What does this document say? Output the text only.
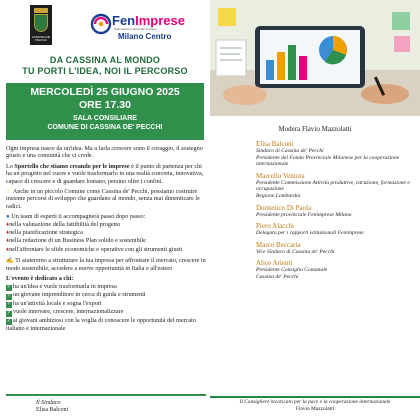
CASSINA DE' PECCHI
FenImprese
Federazione Nazionale Imprese
Milano Centro
DA CASSINA AL MONDO
TU PORTI L'IDEA, NOI IL PERCORSO
MERCOLEDÌ 25 GIUGNO 2025
ORE 17.30
SALA CONSILIARE
COMUNE DI CASSINA DE' PECCHI

Ogni impresa nasce da un'idea. Ma a farla crescere sono il coraggio, il sostegno giusto e una comunità che ci crede.

Lo Sportello che stiamo creando per le imprese è il punto di partenza per chi ha un progetto nel cuore e vuole trasformarlo in una realtà concreta, innovativa, capace di crescere e di guardare lontano, persino oltre i confini.

☞ Anche in un piccolo Comune come Cassina de' Pecchi, possiamo costruire insieme percorsi di sviluppo che guardano al mondo, senza mai dimenticare le radici.

● Un team di esperti ti accompagnerà passo dopo passo:

♦nella valutazione della fattibilità del progetto
♦nella pianificazione strategica
♦nella redazione di un Business Plan solido e sostenibile
♦nell'affrontare le sfide economiche e operative con gli strumenti giusti

✍ Ti aiuteremo a strutturare la tua impresa per affrontare il mercato, crescere in modo sostenibile, accedere a nuove opportunità in Italia e all'estero

L'evento è dedicato a chi:

✓ ha un'idea e vuole trasformarla in impresa
✓ un giovane imprenditore in cerca di guida e strumenti
✓ ha un'attività locale e sogna l'export
✓ vuole innovare, crescere, internazionalizzare
✓ ai giovani ambiziosi con la voglia di conoscere le opportunità del mercato italiano e internazionale
Il Sindaco
Elisa Balconi
Modera Flavio Mazzolatti
Elisa Balconi
Sindaco di Cassina de' Pecchi
Presidente del Fondo Provinciale Milanese per la cooperazione internazionale
Marcello Ventura
Presidente Commissione Attività produttive, istruzione, formazione e occupazione
Regione Lombardia
Domenico Di Paola
Presidente provinciale Fenimprese Milano
Piero Alacchi
Delegato per i rapporti istituzionali Fenimprese
Marco Beccaria
Vice Sindaco di Cassina de' Pecchi
Alice Arienti
Presidente Consiglio Comunale
Cassina de' Pecchi
Il Consigliere incaricato per la pace e la cooperazione internazionale
Flavio Mazzolatti
